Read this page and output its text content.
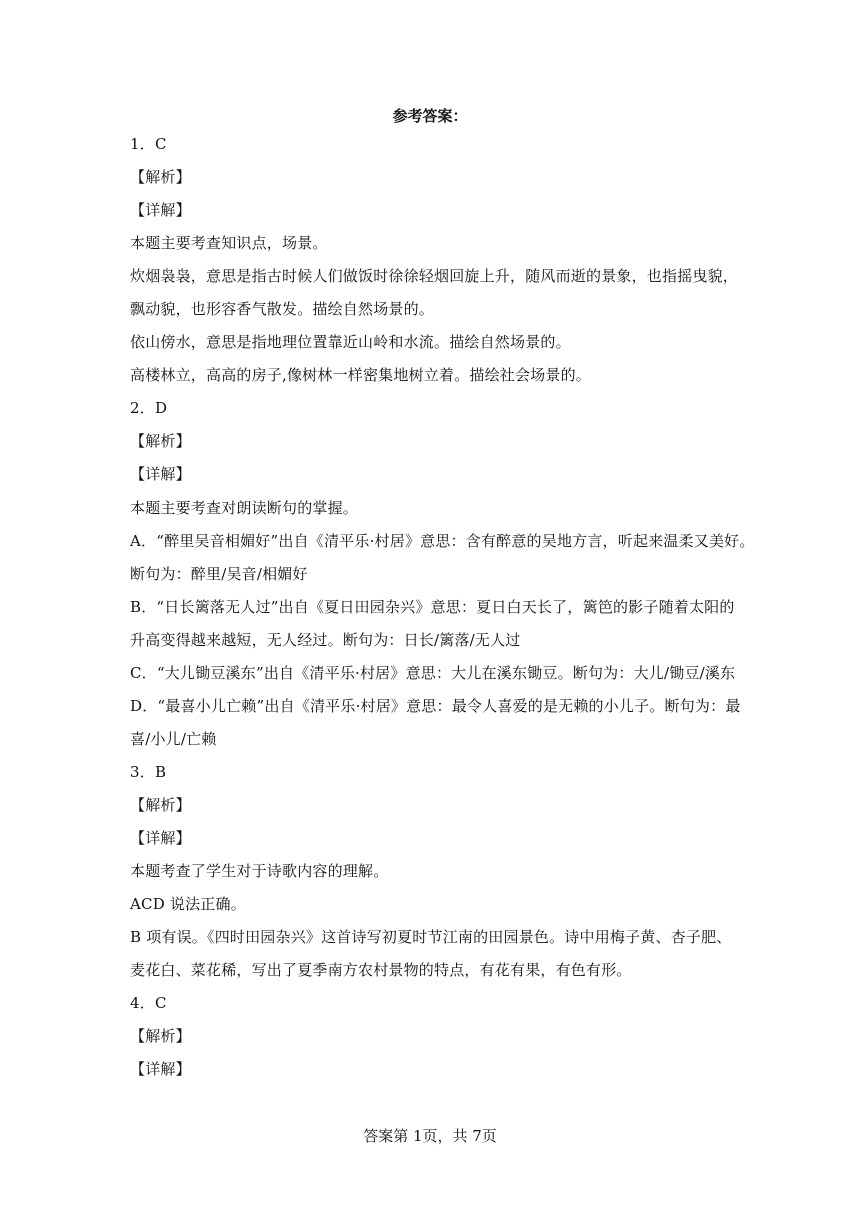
参考答案：
1．C
【解析】
【详解】
本题主要考查知识点，场景。
炊烟袅袅，意思是指古时候人们做饭时徐徐轻烟回旋上升，随风而逝的景象，也指摇曳貌，
飘动貌，也形容香气散发。描绘自然场景的。
依山傍水，意思是指地理位置靠近山岭和水流。描绘自然场景的。
高楼林立，高高的房子,像树林一样密集地树立着。描绘社会场景的。
2．D
【解析】
【详解】
本题主要考查对朗读断句的掌握。
A．“醉里吴音相媚好”出自《清平乐·村居》意思：含有醉意的吴地方言，听起来温柔又美好。
断句为：醉里/吴音/相媚好
B．“日长篱落无人过”出自《夏日田园杂兴》意思：夏日白天长了，篱笆的影子随着太阳的
升高变得越来越短，无人经过。断句为：日长/篱落/无人过
C．“大儿锄豆溪东”出自《清平乐·村居》意思：大儿在溪东锄豆。断句为：大儿/锄豆/溪东
D．“最喜小儿亡赖”出自《清平乐·村居》意思：最令人喜爱的是无赖的小儿子。断句为：最
喜/小儿/亡赖
3．B
【解析】
【详解】
本题考查了学生对于诗歌内容的理解。
ACD 说法正确。
B 项有误。《四时田园杂兴》这首诗写初夏时节江南的田园景色。诗中用梅子黄、杏子肥、
麦花白、菜花稀，写出了夏季南方农村景物的特点，有花有果，有色有形。
4．C
【解析】
【详解】
答案第 1页，共 7页
